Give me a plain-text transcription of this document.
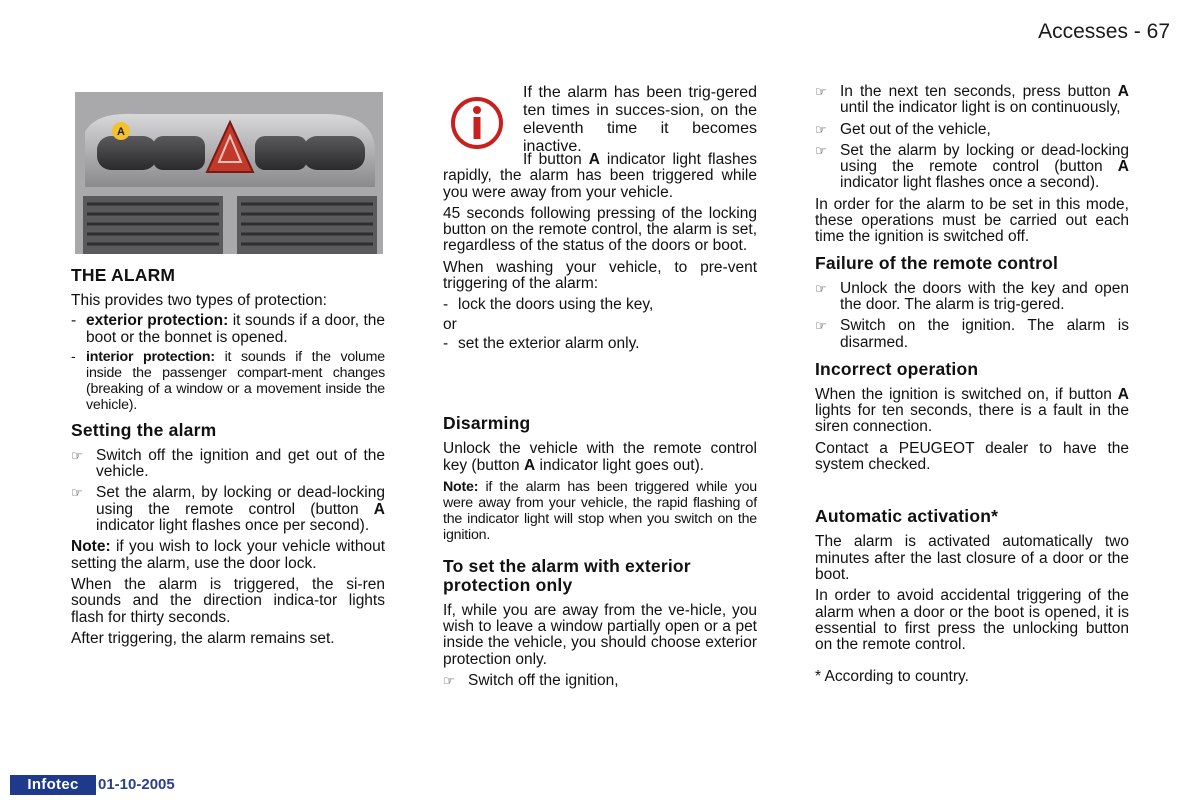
Accesses - 67
A
THE ALARM

This provides two types of protection:

- exterior protection: it sounds if a door, the boot or the bonnet is opened.
- interior protection: it sounds if the volume inside the passenger compart-ment changes (breaking of a window or a movement inside the vehicle).
Setting the alarm
☞ Switch off the ignition and get out of the vehicle.
☞ Set the alarm, by locking or dead-locking using the remote control (button A indicator light flashes once per second).

Note: if you wish to lock your vehicle without setting the alarm, use the door lock.

When the alarm is triggered, the si-ren sounds and the direction indica-tor lights flash for thirty seconds.

After triggering, the alarm remains set.

If the alarm has been trig-gered ten times in succes-sion, on the eleventh time it becomes inactive.

If button A indicator light flashes rapidly, the alarm has been triggered while you were away from your vehicle.

45 seconds following pressing of the locking button on the remote control, the alarm is set, regardless of the status of the doors or boot.

When washing your vehicle, to pre-vent triggering of the alarm:

- lock the doors using the key,

or

- set the exterior alarm only.
Disarming

Unlock the vehicle with the remote control key (button A indicator light goes out).

Note: if the alarm has been triggered while you were away from your vehicle, the rapid flashing of the indicator light will stop when you switch on the ignition.

To set the alarm with exterior protection only

If, while you are away from the ve-hicle, you wish to leave a window partially open or a pet inside the vehicle, you should choose exterior protection only.

☞ Switch off the ignition,
☞ In the next ten seconds, press button A until the indicator light is on continuously,
☞ Get out of the vehicle,
☞ Set the alarm by locking or dead-locking using the remote control (button A indicator light flashes once a second).

In order for the alarm to be set in this mode, these operations must be carried out each time the ignition is switched off.

Failure of the remote control
☞ Unlock the doors with the key and open the door. The alarm is trig-gered.
☞ Switch on the ignition. The alarm is disarmed.
Incorrect operation

When the ignition is switched on, if button A lights for ten seconds, there is a fault in the siren connection.

Contact a PEUGEOT dealer to have the system checked.

Automatic activation*

The alarm is activated automatically two minutes after the last closure of a door or the boot.

In order to avoid accidental triggering of the alarm when a door or the boot is opened, it is essential to first press the unlocking button on the remote control.

* According to country.

Infotec	01-10-2005
